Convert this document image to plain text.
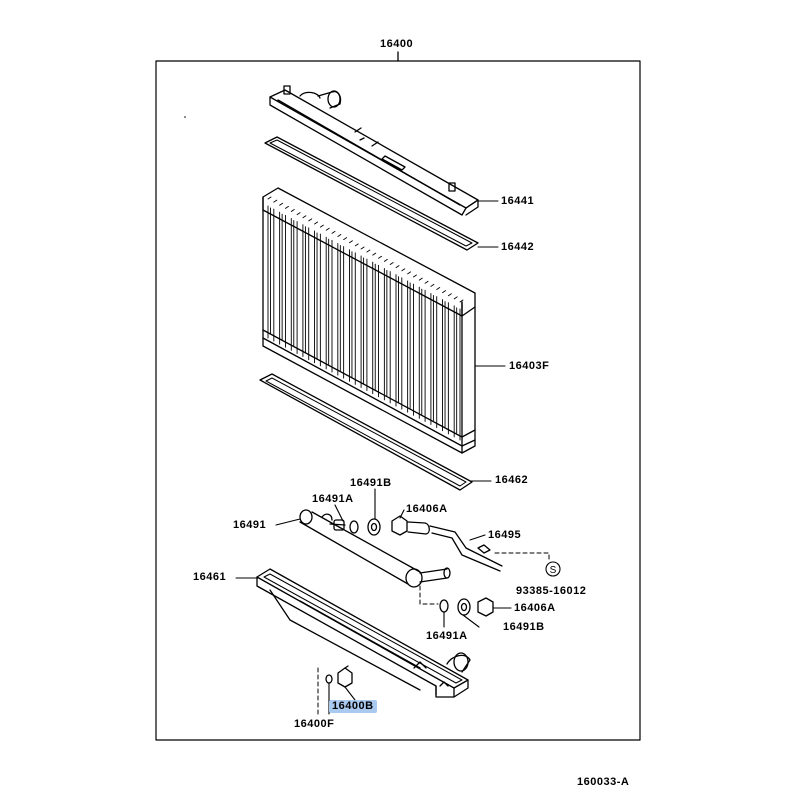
S
16400
16441
16442
16403F
16462
16491B
16491A
16406A
16491
16495
16461
93385-16012
16406A
16491A
16491B
16400B
16400F
160033-A
